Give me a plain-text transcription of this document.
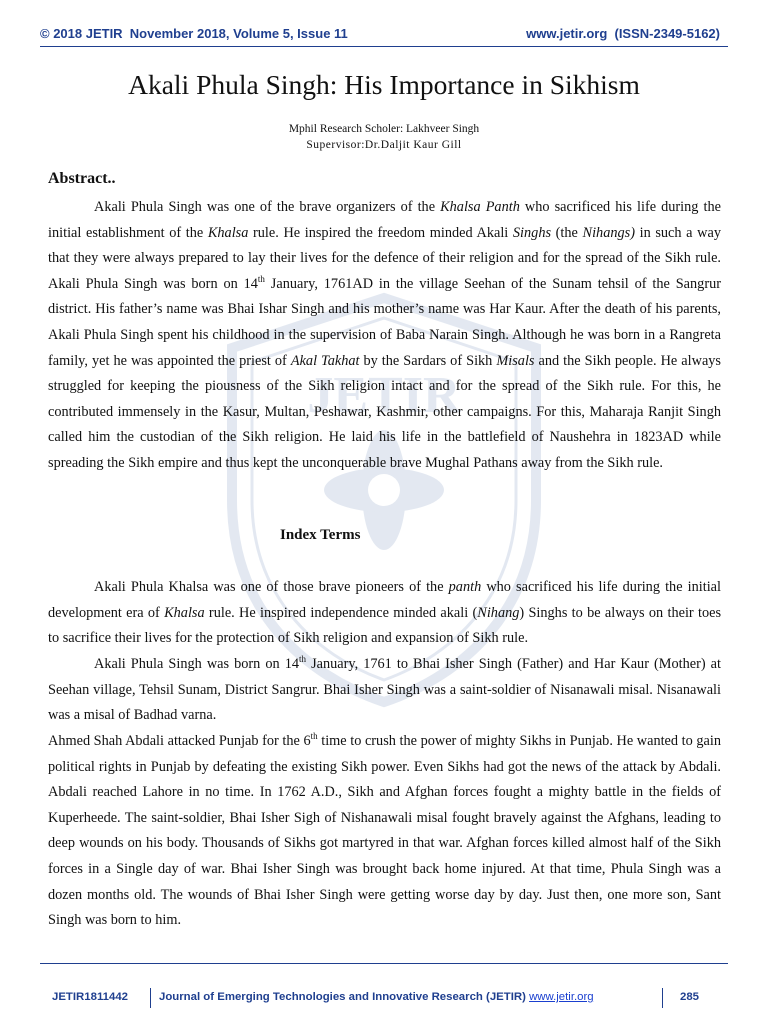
© 2018 JETIR  November 2018, Volume 5, Issue 11	www.jetir.org  (ISSN-2349-5162)
JETIR
Akali Phula Singh: His Importance in Sikhism
Mphil Research Scholer: Lakhveer Singh
Supervisor:Dr.Daljit Kaur Gill
Abstract..
Akali Phula Singh was one of the brave organizers of the Khalsa Panth who sacrificed his life during the initial establishment of the Khalsa rule. He inspired the freedom minded Akali Singhs (the Nihangs) in such a way that they were always prepared to lay their lives for the defence of their religion and for the spread of the Sikh rule. Akali Phula Singh was born on 14th January, 1761AD in the village Seehan of the Sunam tehsil of the Sangrur district. His father’s name was Bhai Ishar Singh and his mother’s name was Har Kaur. After the death of his parents, Akali Phula Singh spent his childhood in the supervision of Baba Narain Singh. Although he was born in a Rangreta family, yet he was appointed the priest of Akal Takhat by the Sardars of Sikh Misals and the Sikh people. He always struggled for keeping the piousness of the Sikh religion intact and for the spread of the Sikh rule. For this, he contributed immensely in the Kasur, Multan, Peshawar, Kashmir, other campaigns. For this, Maharaja Ranjit Singh called him the custodian of the Sikh religion. He laid his life in the battlefield of Naushehra in 1823AD while spreading the Sikh empire and thus kept the unconquerable brave Mughal Pathans away from the Sikh rule.
Index Terms
Akali Phula Khalsa was one of those brave pioneers of the panth who sacrificed his life during the initial development era of Khalsa rule. He inspired independence minded akali (Nihang) Singhs to be always on their toes to sacrifice their lives for the protection of Sikh religion and expansion of Sikh rule.
Akali Phula Singh was born on 14th January, 1761 to Bhai Isher Singh (Father) and Har Kaur (Mother) at Seehan village, Tehsil Sunam, District Sangrur. Bhai Isher Singh was a saint-soldier of Nisanawali misal. Nisanawali was a misal of Badhad varna.
Ahmed Shah Abdali attacked Punjab for the 6th time to crush the power of mighty Sikhs in Punjab. He wanted to gain political rights in Punjab by defeating the existing Sikh power. Even Sikhs had got the news of the attack by Abdali. Abdali reached Lahore in no time. In 1762 A.D., Sikh and Afghan forces fought a mighty battle in the fields of Kuperheede. The saint-soldier, Bhai Isher Sigh of Nishanawali misal fought bravely against the Afghans, leading to deep wounds on his body. Thousands of Sikhs got martyred in that war. Afghan forces killed almost half of the Sikh forces in a Single day of war. Bhai Isher Singh was brought back home injured. At that time, Phula Singh was a dozen months old. The wounds of Bhai Isher Singh were getting worse day by day. Just then, one more son, Sant Singh was born to him.
JETIR1811442	Journal of Emerging Technologies and Innovative Research (JETIR) www.jetir.org	285
